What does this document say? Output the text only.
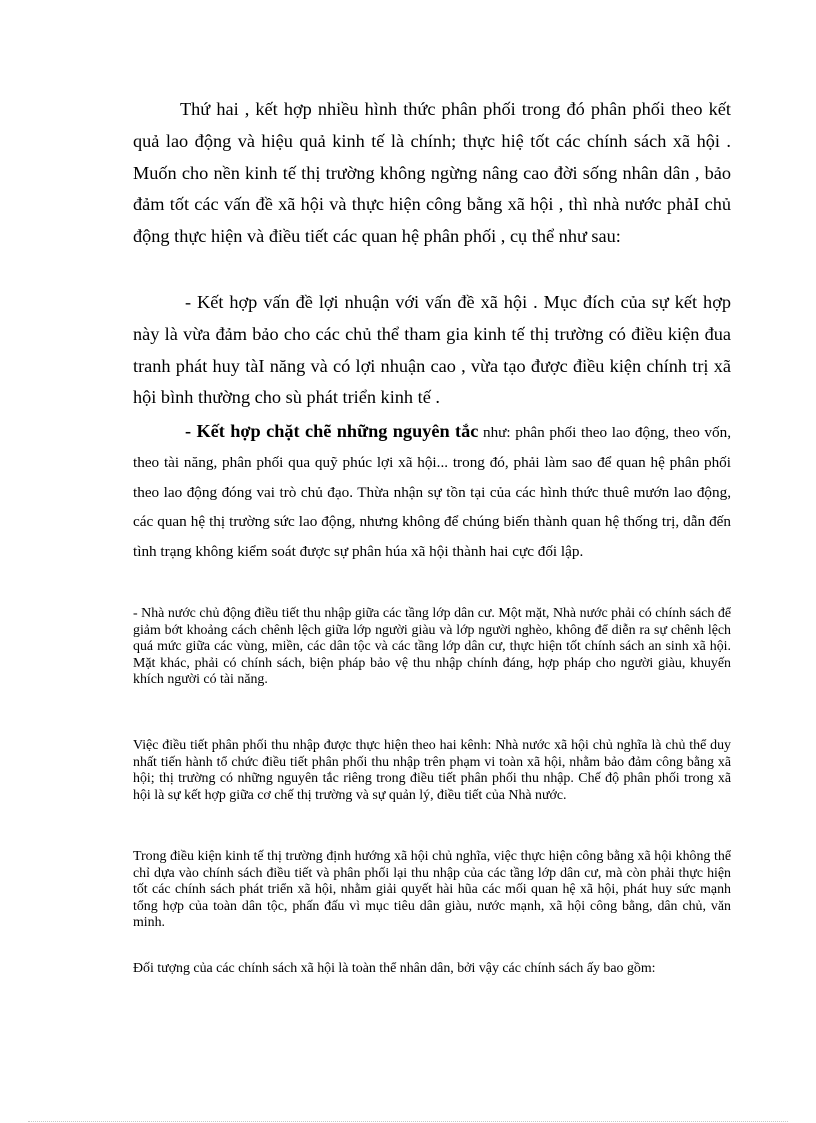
Thứ hai , kết hợp nhiều hình thức phân phối trong đó phân phối theo kết quả lao động và hiệu quả kinh tế là chính; thực hiệ tốt các chính sách xã hội . Muốn cho nền kinh tế thị trường không ngừng nâng cao đời sống nhân dân , bảo đảm tốt các vấn đề xã hội và thực hiện công bằng xã hội , thì nhà nước phảI chủ động thực hiện và điều tiết các quan hệ phân phối , cụ thể như sau:

- Kết hợp vấn đề lợi nhuận với vấn đề xã hội . Mục đích của sự kết hợp này là vừa đảm bảo cho các chủ thể tham gia kinh tế thị trường có điều kiện đua tranh phát huy tàI năng và có lợi nhuận cao , vừa tạo được điều kiện chính trị xã hội bình thường cho sù phát triển kinh tế .

- Kết hợp chặt chẽ những nguyên tắc như: phân phối theo lao động, theo vốn, theo tài năng, phân phối qua quỹ phúc lợi xã hội... trong đó, phải làm sao để quan hệ phân phối theo lao động đóng vai trò chủ đạo. Thừa nhận sự tồn tại của các hình thức thuê mướn lao động, các quan hệ thị trường sức lao động, nhưng không để chúng biến thành quan hệ thống trị, dẫn đến tình trạng không kiểm soát được sự phân húa xã hội thành hai cực đối lập.

- Nhà nước chủ động điều tiết thu nhập giữa các tầng lớp dân cư. Một mặt, Nhà nước phải có chính sách để giảm bớt khoảng cách chênh lệch giữa lớp người giàu và lớp người nghèo, không để diễn ra sự chênh lệch quá mức giữa các vùng, miền, các dân tộc và các tầng lớp dân cư, thực hiện tốt chính sách an sinh xã hội. Mặt khác, phải có chính sách, biện pháp bảo vệ thu nhập chính đáng, hợp pháp cho người giàu, khuyến khích người có tài năng.

Việc điều tiết phân phối thu nhập được thực hiện theo hai kênh: Nhà nước xã hội chủ nghĩa là chủ thể duy nhất tiến hành tổ chức điều tiết phân phối thu nhập trên phạm vi toàn xã hội, nhằm bảo đảm công bằng xã hội; thị trường có những nguyên tắc riêng trong điều tiết phân phối thu nhập. Chế độ phân phối trong xã hội là sự kết hợp giữa cơ chế thị trường và sự quản lý, điều tiết của Nhà nước.

Trong điều kiện kinh tế thị trường định hướng xã hội chủ nghĩa, việc thực hiện công bằng xã hội không thể chỉ dựa vào chính sách điều tiết và phân phối lại thu nhập của các tầng lớp dân cư, mà còn phải thực hiện tốt các chính sách phát triển xã hội, nhằm giải quyết hài hũa các mối quan hệ xã hội, phát huy sức mạnh tổng hợp của toàn dân tộc, phấn đấu vì mục tiêu dân giàu, nước mạnh, xã hội công bằng, dân chủ, văn minh.

Đối tượng của các chính sách xã hội là toàn thể nhân dân, bởi vậy các chính sách ấy bao gồm:
